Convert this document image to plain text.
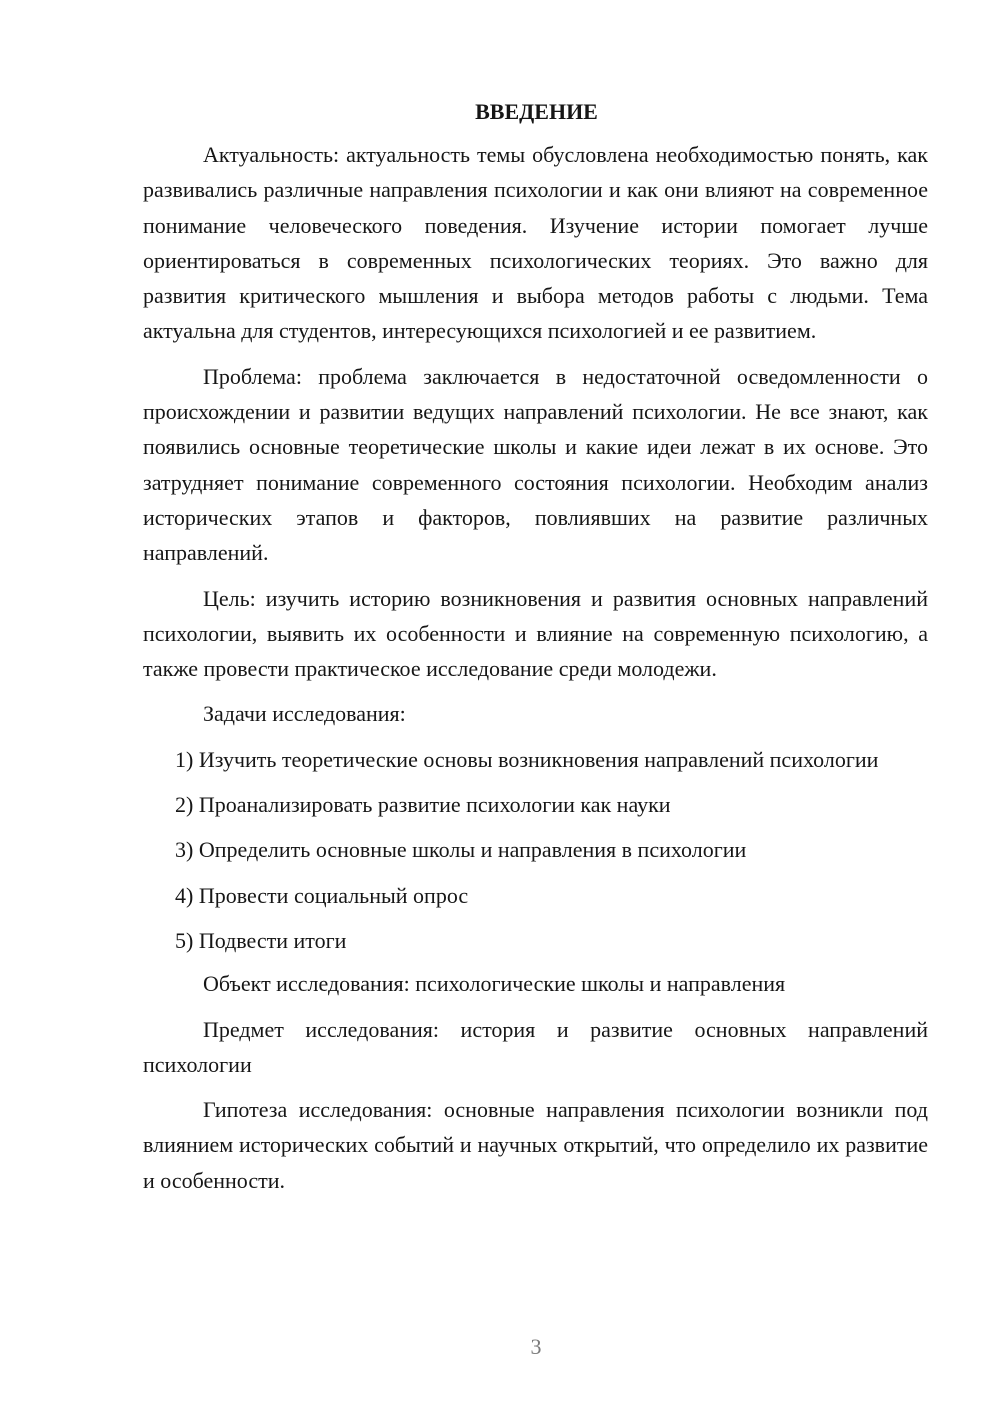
ВВЕДЕНИЕ

Актуальность: актуальность темы обусловлена необходимостью понять, как развивались различные направления психологии и как они влияют на современное понимание человеческого поведения. Изучение истории помогает лучше ориентироваться в современных психологических теориях. Это важно для развития критического мышления и выбора методов работы с людьми. Тема актуальна для студентов, интересующихся психологией и ее развитием.

Проблема: проблема заключается в недостаточной осведомленности о происхождении и развитии ведущих направлений психологии. Не все знают, как появились основные теоретические школы и какие идеи лежат в их основе. Это затрудняет понимание современного состояния психологии. Необходим анализ исторических этапов и факторов, повлиявших на развитие различных направлений.

Цель: изучить историю возникновения и развития основных направлений психологии, выявить их особенности и влияние на современную психологию, а также провести практическое исследование среди молодежи.

Задачи исследования:

1) Изучить теоретические основы возникновения направлений психологии
2) Проанализировать развитие психологии как науки
3) Определить основные школы и направления в психологии
4) Провести социальный опрос
5) Подвести итоги

Объект исследования: психологические школы и направления

Предмет исследования: история и развитие основных направлений психологии

Гипотеза исследования: основные направления психологии возникли под влиянием исторических событий и научных открытий, что определило их развитие и особенности.

3
